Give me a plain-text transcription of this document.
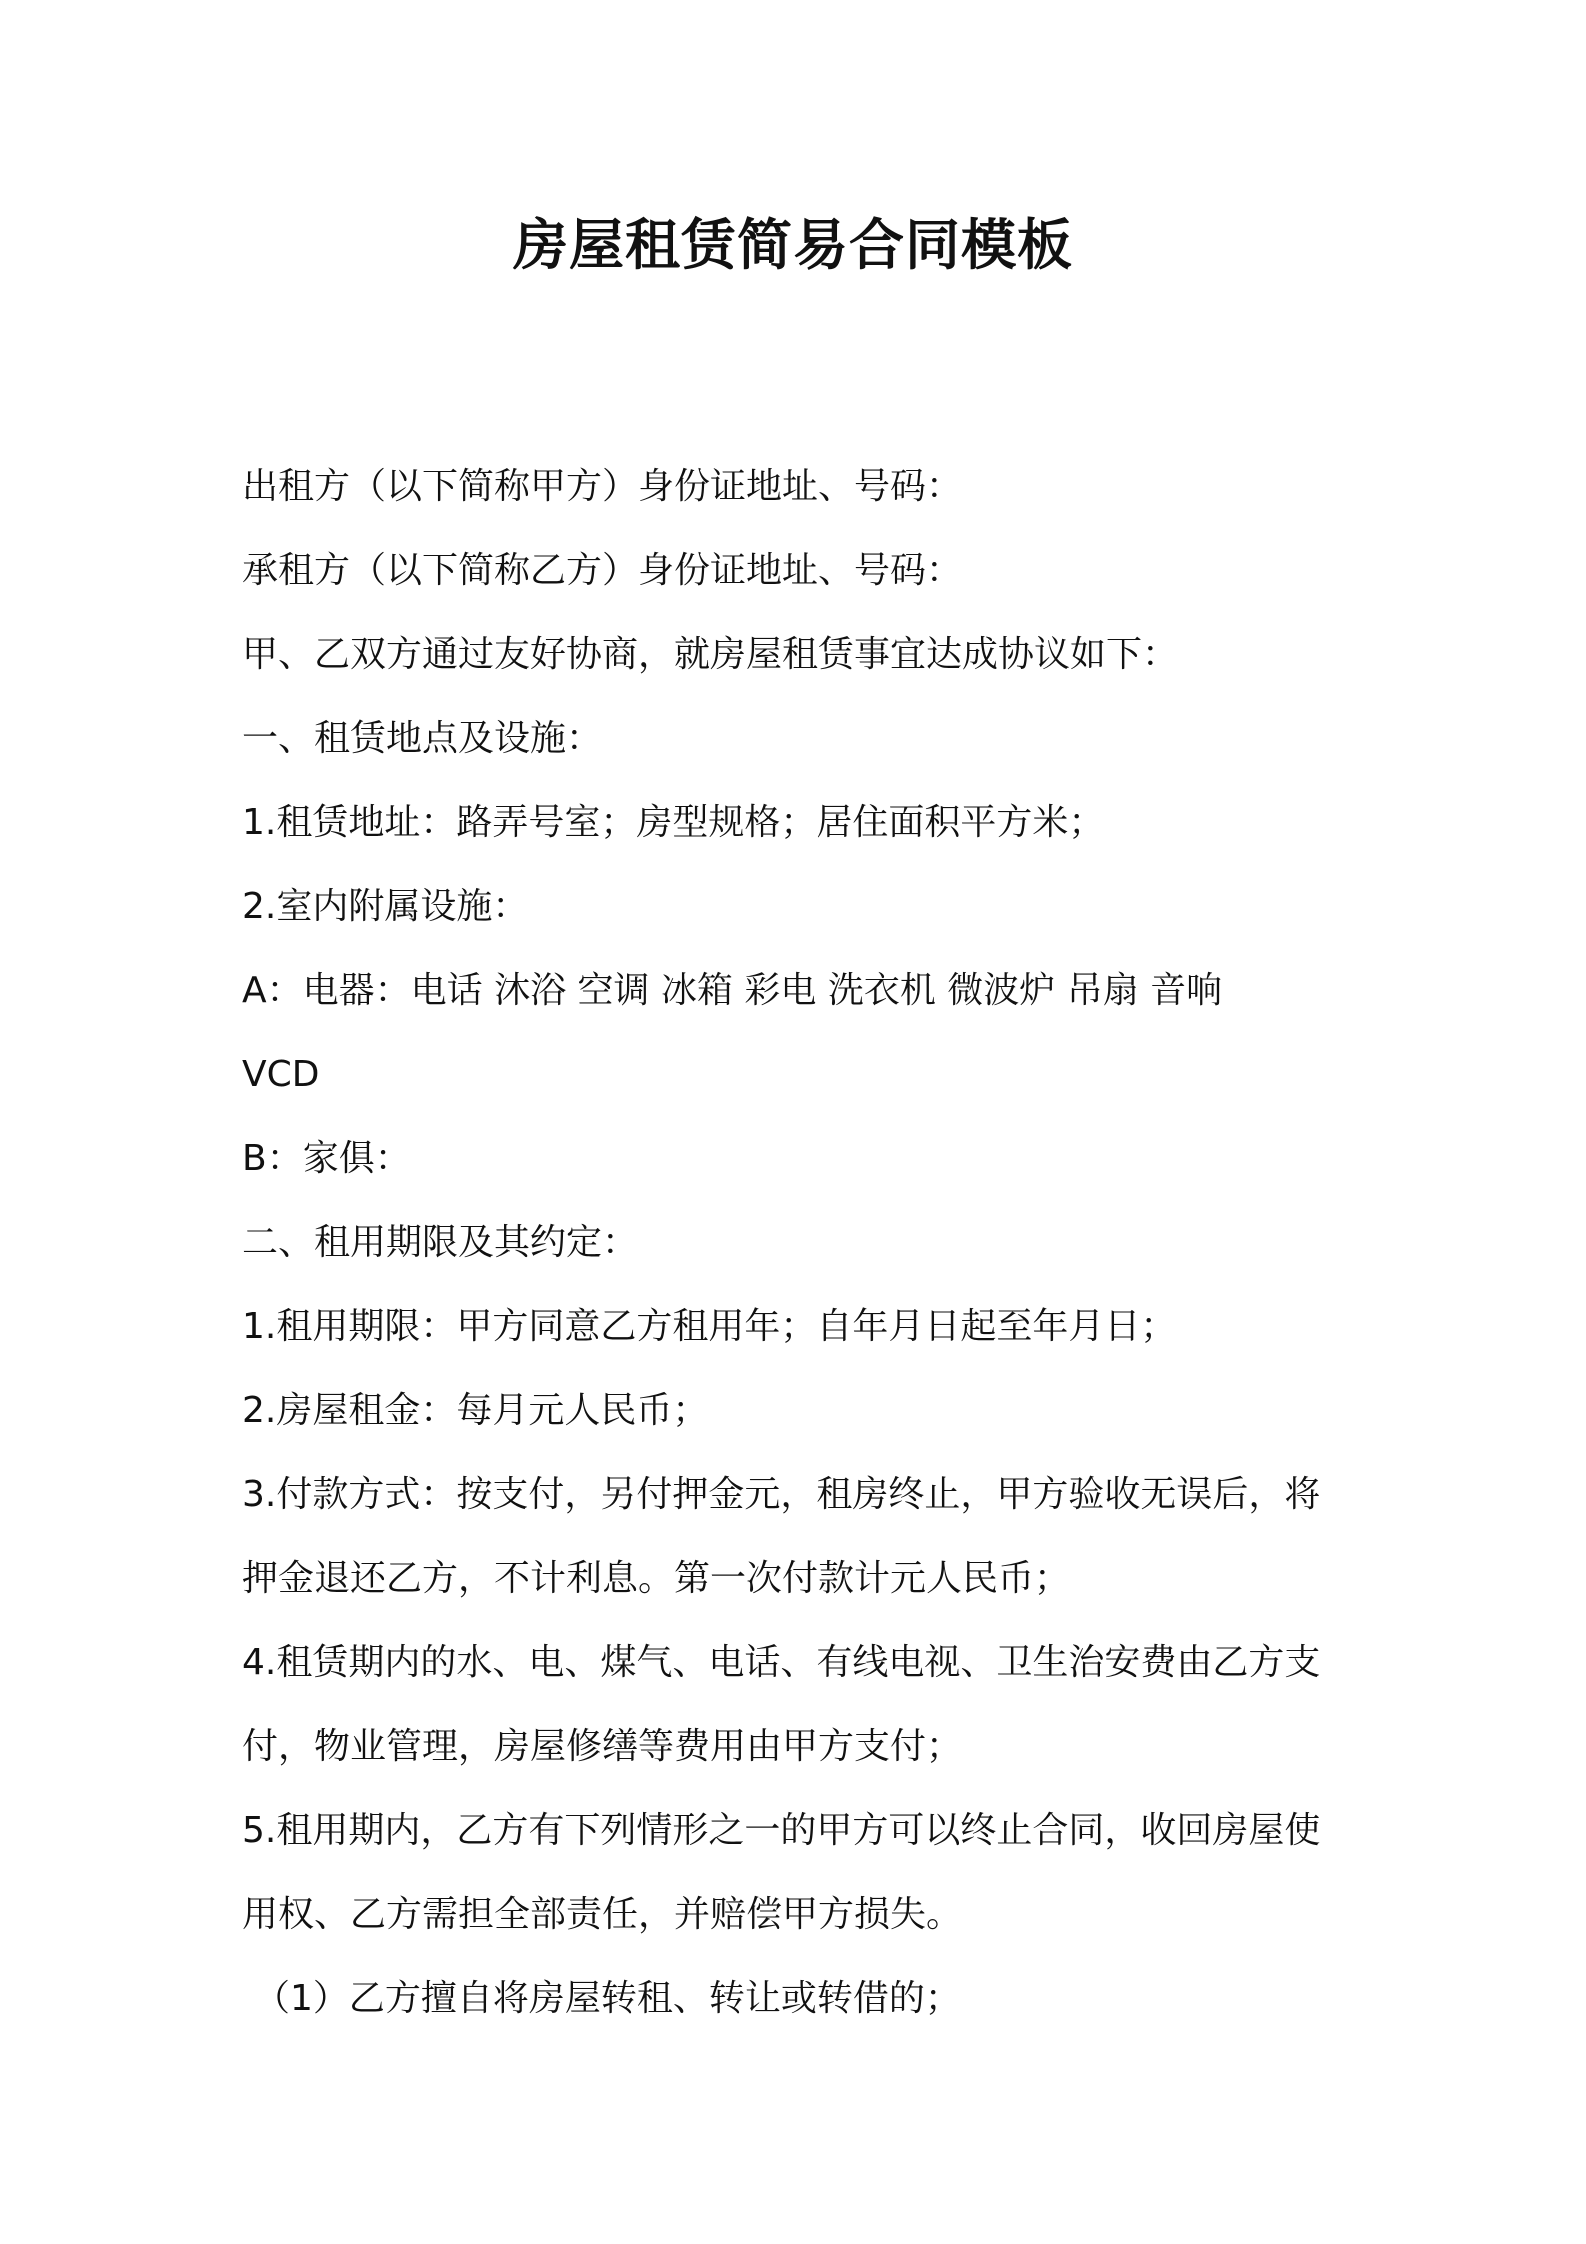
房屋租赁简易合同模板

出租方（以下简称甲方）身份证地址、号码：

承租方（以下简称乙方）身份证地址、号码：

甲、乙双方通过友好协商，就房屋租赁事宜达成协议如下：

一、租赁地点及设施：

1.租赁地址：路弄号室；房型规格；居住面积平方米；

2.室内附属设施：

A：电器：电话 沐浴 空调 冰箱 彩电 洗衣机 微波炉 吊扇 音响

VCD

B：家俱：

二、租用期限及其约定：

1.租用期限：甲方同意乙方租用年；自年月日起至年月日；

2.房屋租金：每月元人民币；

3.付款方式：按支付，另付押金元，租房终止，甲方验收无误后，将

押金退还乙方，不计利息。第一次付款计元人民币；

4.租赁期内的水、电、煤气、电话、有线电视、卫生治安费由乙方支

付，物业管理，房屋修缮等费用由甲方支付；

5.租用期内，乙方有下列情形之一的甲方可以终止合同，收回房屋使

用权、乙方需担全部责任，并赔偿甲方损失。

（1）乙方擅自将房屋转租、转让或转借的；
